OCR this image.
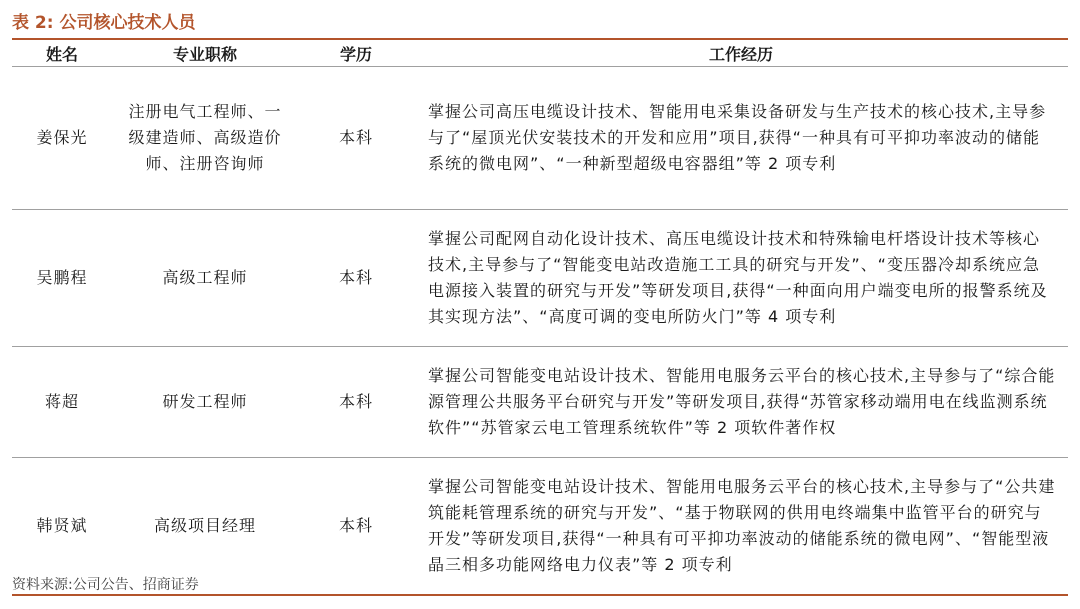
表 2: 公司核心技术人员
姓名	专业职称	学历	工作经历
姜保光	注册电气工程师、一级建造师、高级造价师、注册咨询师	本科	掌握公司高压电缆设计技术、智能用电采集设备研发与生产技术的核心技术,主导参与了“屋顶光伏安装技术的开发和应用”项目,获得“一种具有可平抑功率波动的储能系统的微电网”、“一种新型超级电容器组”等 2 项专利
吴鹏程	高级工程师	本科	掌握公司配网自动化设计技术、高压电缆设计技术和特殊输电杆塔设计技术等核心技术,主导参与了“智能变电站改造施工工具的研究与开发”、“变压器冷却系统应急电源接入装置的研究与开发”等研发项目,获得“一种面向用户端变电所的报警系统及其实现方法”、“高度可调的变电所防火门”等 4 项专利
蒋超	研发工程师	本科	掌握公司智能变电站设计技术、智能用电服务云平台的核心技术,主导参与了“综合能源管理公共服务平台研究与开发”等研发项目,获得“苏管家移动端用电在线监测系统软件”“苏管家云电工管理系统软件”等 2 项软件著作权
韩贤斌	高级项目经理	本科	掌握公司智能变电站设计技术、智能用电服务云平台的核心技术,主导参与了“公共建筑能耗管理系统的研究与开发”、“基于物联网的供用电终端集中监管平台的研究与开发”等研发项目,获得“一种具有可平抑功率波动的储能系统的微电网”、“智能型液晶三相多功能网络电力仪表”等 2 项专利
资料来源:公司公告、招商证券
